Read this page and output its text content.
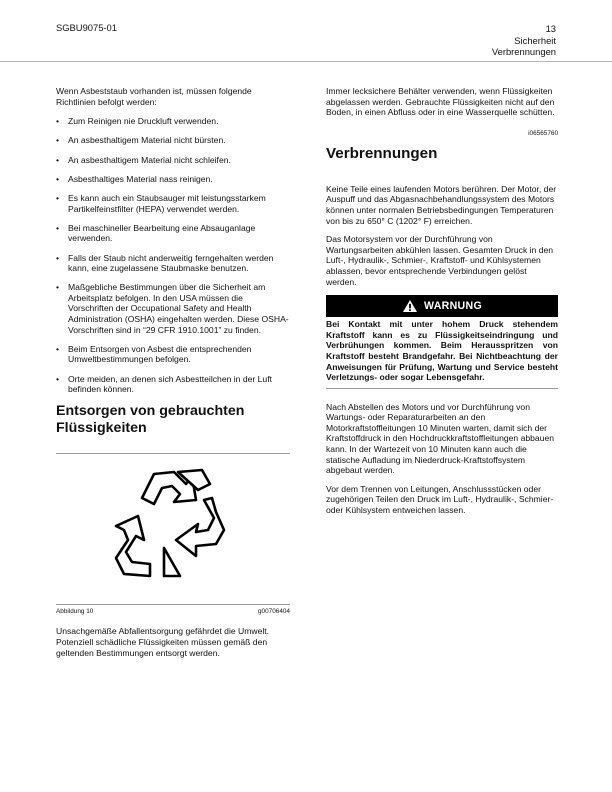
SGBU9075-01	13
Sicherheit
Verbrennungen

Wenn Asbeststaub vorhanden ist, müssen folgende Richtlinien befolgt werden:

• Zum Reinigen nie Druckluft verwenden.
• An asbesthaltigem Material nicht bürsten.
• An asbesthaltigem Material nicht schleifen.
• Asbesthaltiges Material nass reinigen.
• Es kann auch ein Staubsauger mit leistungsstarkem Partikelfeinstfilter (HEPA) verwendet werden.
• Bei maschineller Bearbeitung eine Absauganlage verwenden.
• Falls der Staub nicht anderweitig ferngehalten werden kann, eine zugelassene Staubmaske benutzen.
• Maßgebliche Bestimmungen über die Sicherheit am Arbeitsplatz befolgen. In den USA müssen die Vorschriften der Occupational Safety and Health Administration (OSHA) eingehalten werden. Diese OSHA-Vorschriften sind in “29 CFR 1910.1001” zu finden.
• Beim Entsorgen von Asbest die entsprechenden Umweltbestimmungen befolgen.
• Orte meiden, an denen sich Asbestteilchen in der Luft befinden können.
Entsorgen von gebrauchten Flüssigkeiten
Abbildung 10	g00706404

Unsachgemäße Abfallentsorgung gefährdet die Umwelt. Potenziell schädliche Flüssigkeiten müssen gemäß den geltenden Bestimmungen entsorgt werden.

Immer lecksichere Behälter verwenden, wenn Flüssigkeiten abgelassen werden. Gebrauchte Flüssigkeiten nicht auf den Boden, in einen Abfluss oder in eine Wasserquelle schütten.

i06565760
Verbrennungen

Keine Teile eines laufenden Motors berühren. Der Motor, der Auspuff und das Abgasnachbehandlungssystem des Motors können unter normalen Betriebsbedingungen Temperaturen von bis zu 650° C (1202° F) erreichen.

Das Motorsystem vor der Durchführung von Wartungsarbeiten abkühlen lassen. Gesamten Druck in den Luft-, Hydraulik-, Schmier-, Kraftstoff- und Kühlsystemen ablassen, bevor entsprechende Verbindungen gelöst werden.

WARNUNG

Bei Kontakt mit unter hohem Druck stehendem Kraftstoff kann es zu Flüssigkeitseindringung und Verbrühungen kommen. Beim Herausspritzen von Kraftstoff besteht Brandgefahr. Bei Nichtbeachtung der Anweisungen für Prüfung, Wartung und Service besteht Verletzungs- oder sogar Lebensgefahr.

Nach Abstellen des Motors und vor Durchführung von Wartungs- oder Reparaturarbeiten an den Motorkraftstoffleitungen 10 Minuten warten, damit sich der Kraftstoffdruck in den Hochdruckkraftstoffleitungen abbauen kann. In der Wartezeit von 10 Minuten kann auch die statische Aufladung im Niederdruck-Kraftstoffsystem abgebaut werden.

Vor dem Trennen von Leitungen, Anschlussstücken oder zugehörigen Teilen den Druck im Luft-, Hydraulik-, Schmier- oder Kühlsystem entweichen lassen.
